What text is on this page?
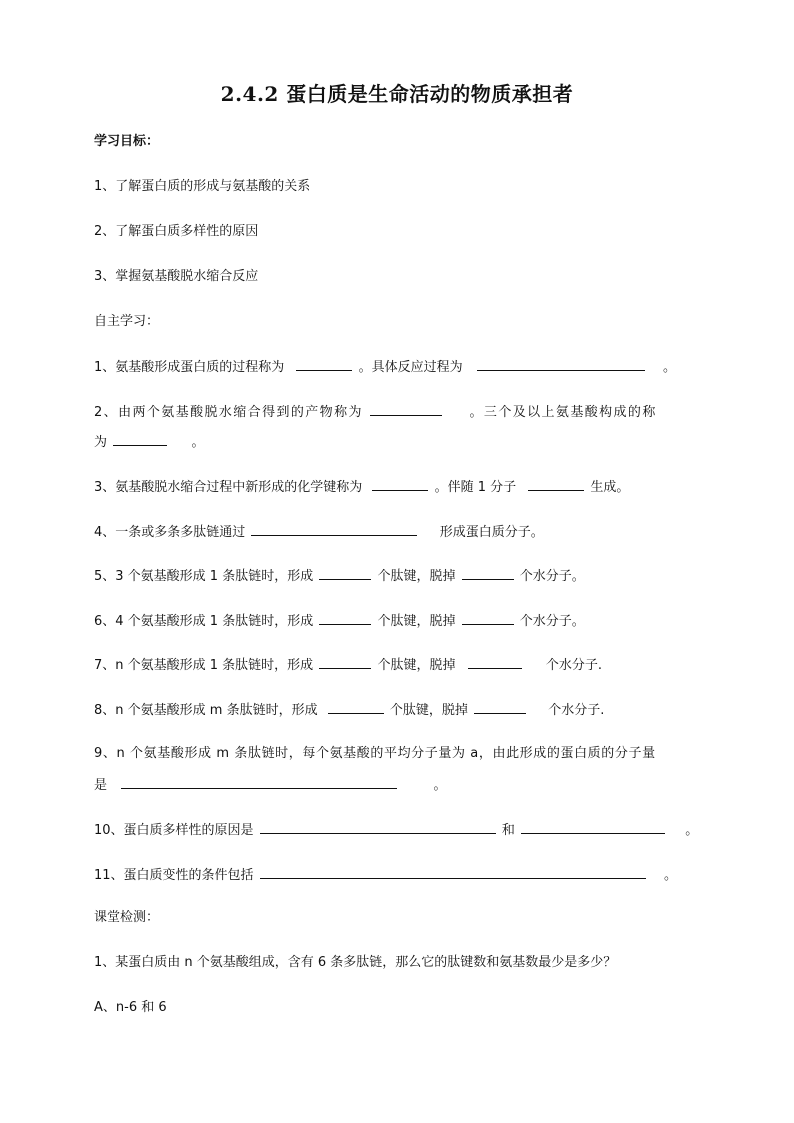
2.4.2 蛋白质是生命活动的物质承担者
学习目标：
1、了解蛋白质的形成与氨基酸的关系
2、了解蛋白质多样性的原因
3、掌握氨基酸脱水缩合反应
自主学习：
1、氨基酸形成蛋白质的过程称为	。具体反应过程为	。
2、由两个氨基酸脱水缩合得到的产物称为	。三个及以上氨基酸构成的称
为	。
3、氨基酸脱水缩合过程中新形成的化学键称为	。伴随 1 分子	生成。
4、一条或多条多肽链通过	形成蛋白质分子。
5、3 个氨基酸形成 1 条肽链时，形成	个肽键，脱掉	个水分子。
6、4 个氨基酸形成 1 条肽链时，形成	个肽键，脱掉	个水分子。
7、n 个氨基酸形成 1 条肽链时，形成	个肽键，脱掉	个水分子.
8、n 个氨基酸形成 m 条肽链时，形成	个肽键，脱掉	个水分子.
9、n 个氨基酸形成 m 条肽链时，每个氨基酸的平均分子量为 a，由此形成的蛋白质的分子量
是	。
10、蛋白质多样性的原因是	和	。
11、蛋白质变性的条件包括	。
课堂检测：
1、某蛋白质由 n 个氨基酸组成，含有 6 条多肽链，那么它的肽键数和氨基数最少是多少？
A、n-6 和 6
